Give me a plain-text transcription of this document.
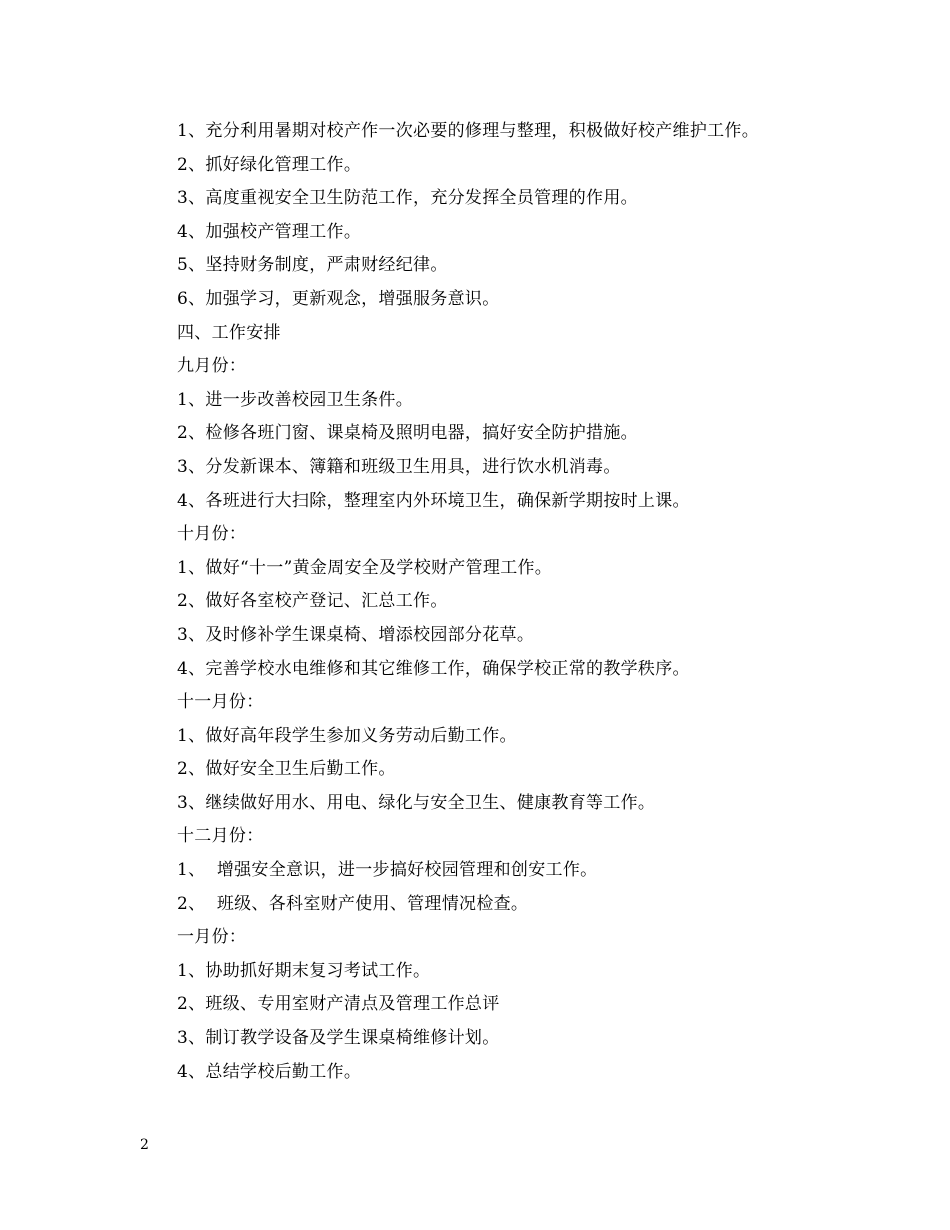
1、充分利用暑期对校产作一次必要的修理与整理，积极做好校产维护工作。
2、抓好绿化管理工作。
3、高度重视安全卫生防范工作，充分发挥全员管理的作用。
4、加强校产管理工作。
5、坚持财务制度，严肃财经纪律。
6、加强学习，更新观念，增强服务意识。
四、工作安排
九月份：
1、进一步改善校园卫生条件。
2、检修各班门窗、课桌椅及照明电器，搞好安全防护措施。
3、分发新课本、簿籍和班级卫生用具，进行饮水机消毒。
4、各班进行大扫除，整理室内外环境卫生，确保新学期按时上课。
十月份：
1、做好“十一”黄金周安全及学校财产管理工作。
2、做好各室校产登记、汇总工作。
3、及时修补学生课桌椅、增添校园部分花草。
4、完善学校水电维修和其它维修工作，确保学校正常的教学秩序。
十一月份：
1、做好高年段学生参加义务劳动后勤工作。
2、做好安全卫生后勤工作。
3、继续做好用水、用电、绿化与安全卫生、健康教育等工作。
十二月份：
1、  增强安全意识，进一步搞好校园管理和创安工作。
2、  班级、各科室财产使用、管理情况检查。
一月份：
1、协助抓好期末复习考试工作。
2、班级、专用室财产清点及管理工作总评
3、制订教学设备及学生课桌椅维修计划。
4、总结学校后勤工作。
2
